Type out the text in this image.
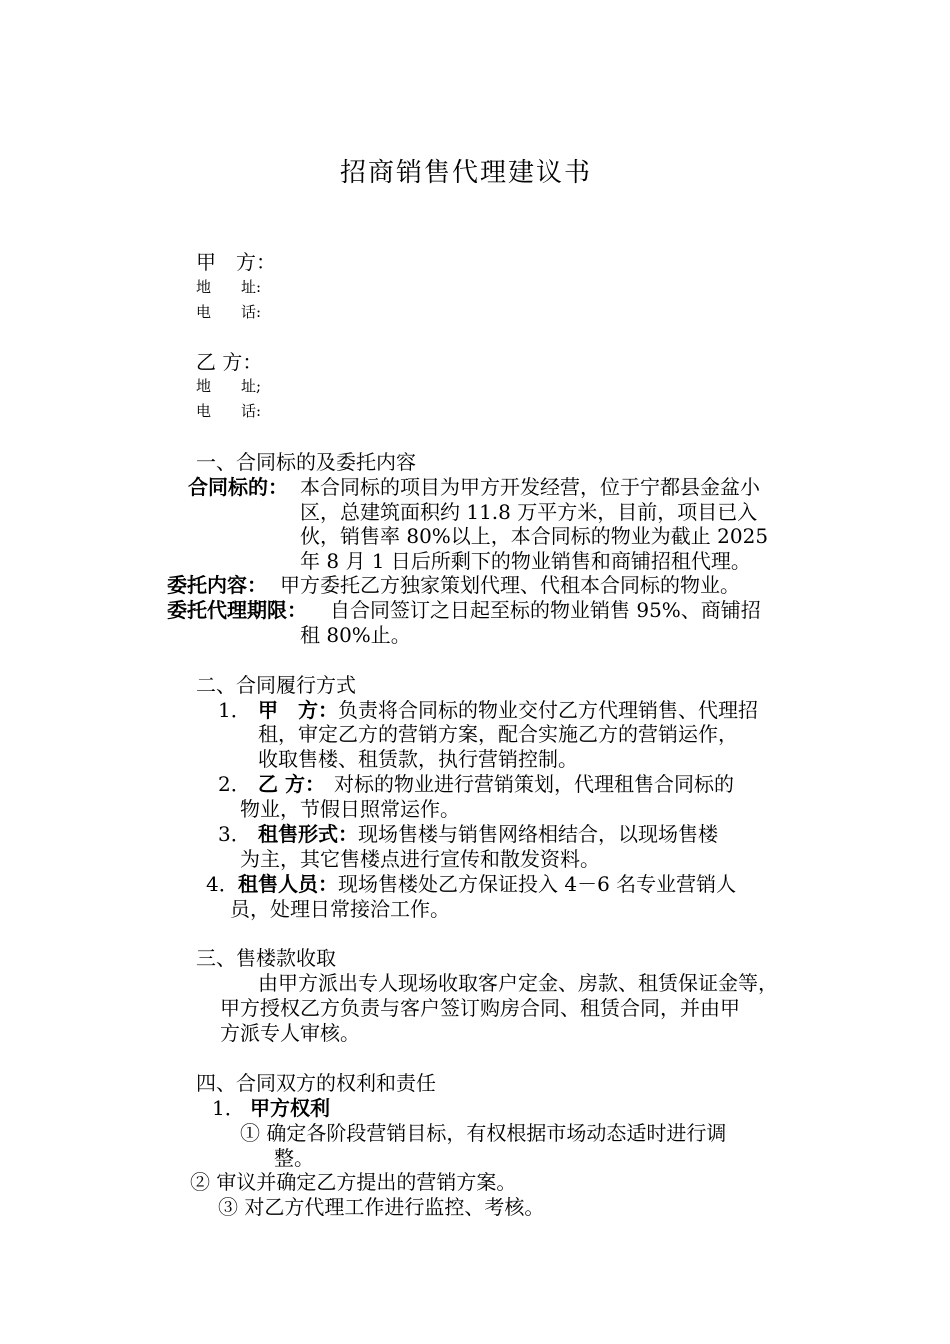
招商销售代理建议书
甲　方：
地　　址:
电　　话:
乙 方：
地　　址;
电　　话:
一、合同标的及委托内容
合同标的： 本合同标的项目为甲方开发经营，位于宁都县金盆小
区，总建筑面积约 11.8 万平方米，目前，项目已入
伙，销售率 80%以上，本合同标的物业为截止 2025
年 8 月 1 日后所剩下的物业销售和商铺招租代理。
委托内容： 甲方委托乙方独家策划代理、代租本合同标的物业。
委托代理期限： 自合同签订之日起至标的物业销售 95%、商铺招
租 80%止。
二、合同履行方式
1． 甲　方： 负责将合同标的物业交付乙方代理销售、代理招
租，审定乙方的营销方案，配合实施乙方的营销运作，
收取售楼、租赁款，执行营销控制。
2． 乙 方： 对标的物业进行营销策划，代理租售合同标的
物业，节假日照常运作。
3． 租售形式： 现场售楼与销售网络相结合，以现场售楼
为主，其它售楼点进行宣传和散发资料。
4． 租售人员： 现场售楼处乙方保证投入 4－6 名专业营销人
员，处理日常接洽工作。
三、售楼款收取
由甲方派出专人现场收取客户定金、房款、租赁保证金等，
甲方授权乙方负责与客户签订购房合同、租赁合同，并由甲
方派专人审核。
四、合同双方的权利和责任
1． 甲方权利
① 确定各阶段营销目标，有权根据市场动态适时进行调
整。
② 审议并确定乙方提出的营销方案。
③ 对乙方代理工作进行监控、考核。
